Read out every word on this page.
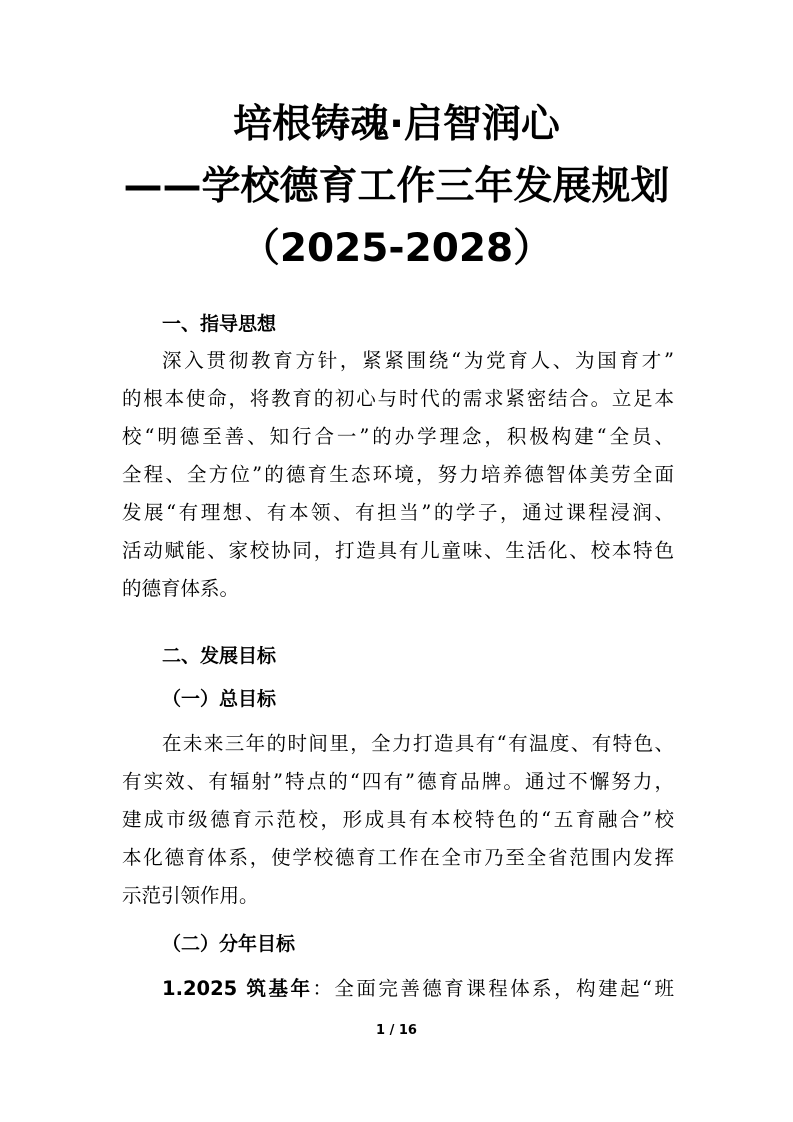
培根铸魂·启智润心
——学校德育工作三年发展规划
（2025-2028）
一、指导思想

深入贯彻教育方针，紧紧围绕“为党育人、为国育才”

的根本使命，将教育的初心与时代的需求紧密结合。立足本

校“明德至善、知行合一”的办学理念，积极构建“全员、

全程、全方位”的德育生态环境，努力培养德智体美劳全面

发展“有理想、有本领、有担当”的学子，通过课程浸润、

活动赋能、家校协同，打造具有儿童味、生活化、校本特色

的德育体系。

二、发展目标
（一）总目标

在未来三年的时间里，全力打造具有“有温度、有特色、

有实效、有辐射”特点的“四有”德育品牌。通过不懈努力，

建成市级德育示范校，形成具有本校特色的“五育融合”校

本化德育体系，使学校德育工作在全市乃至全省范围内发挥

示范引领作用。

（二）分年目标

1.2025 筑基年：全面完善德育课程体系，构建起“班

1 / 16
